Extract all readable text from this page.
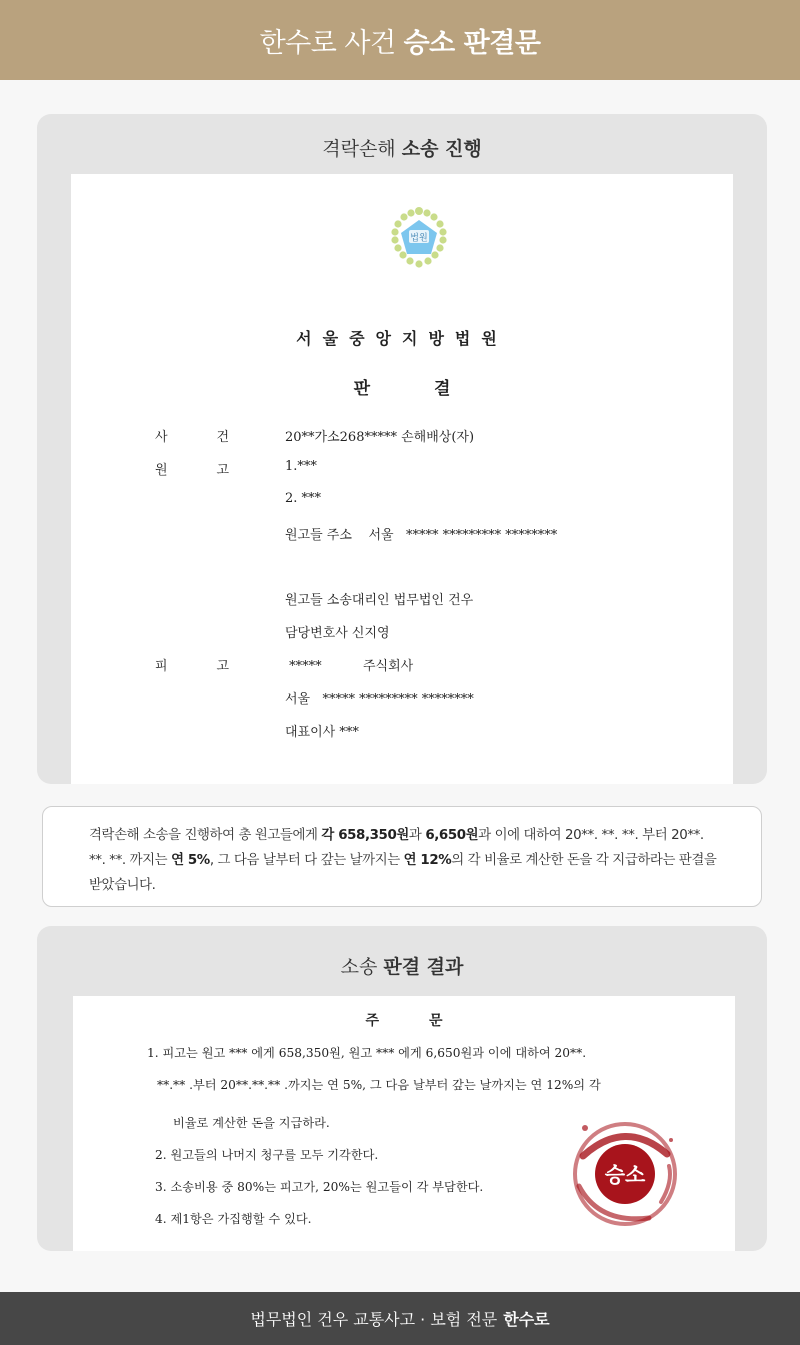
한수로 사건 승소 판결문
격락손해 소송 진행
법원
서울중앙지방법원
판	결
사	건	20**가소268***** 손해배상(자)
원	고	1.***
2. ***
원고들 주소    서울   ***** ********* ********
원고들 소송대리인 법무법인 건우
담당변호사 신지영
피	고	*****          주식회사
서울   ***** ********* ********
대표이사 ***

격락손해 소송을 진행하여 총 원고들에게 각 658,350원과 6,650원과 이에 대하여 20**. **. **. 부터 20**. **. **. 까지는 연 5%, 그 다음 날부터 다 갚는 날까지는 연 12%의 각 비율로 계산한 돈을 각 지급하라는 판결을 받았습니다.

소송 판결 결과
주	문
1. 피고는 원고 *** 에게 658,350원, 원고 *** 에게 6,650원과 이에 대하여 20**.
**.** .부터 20**.**.** .까지는 연 5%, 그 다음 날부터 갚는 날까지는 연 12%의 각
비율로 계산한 돈을 지급하라.
2. 원고들의 나머지 청구를 모두 기각한다.
3. 소송비용 중 80%는 피고가, 20%는 원고들이 각 부담한다.
4. 제1항은 가집행할 수 있다.
승소
법무법인 건우 교통사고 · 보험 전문 한수로
